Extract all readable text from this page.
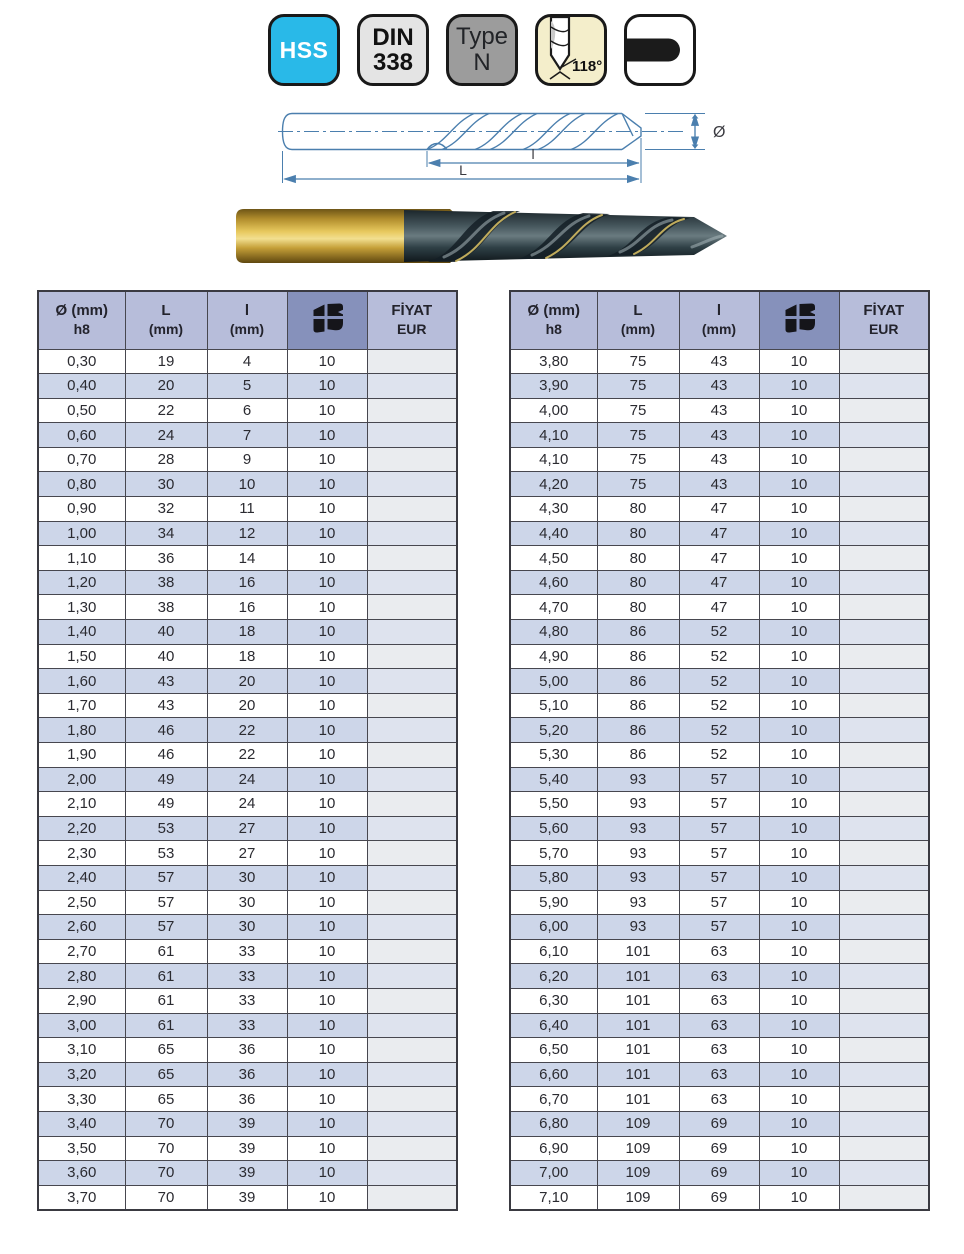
HSS DIN
338
Type
N	118°
Ø
l
L
Ø (mm)
h8

L
(mm)

l
(mm)

FİYAT
EUR

0,30	19	4	10	
0,40	20	5	10	
0,50	22	6	10	
0,60	24	7	10	
0,70	28	9	10	
0,80	30	10	10	
0,90	32	11	10	
1,00	34	12	10	
1,10	36	14	10	
1,20	38	16	10	
1,30	38	16	10	
1,40	40	18	10	
1,50	40	18	10	
1,60	43	20	10	
1,70	43	20	10	
1,80	46	22	10	
1,90	46	22	10	
2,00	49	24	10	
2,10	49	24	10	
2,20	53	27	10	
2,30	53	27	10	
2,40	57	30	10	
2,50	57	30	10	
2,60	57	30	10	
2,70	61	33	10	
2,80	61	33	10	
2,90	61	33	10	
3,00	61	33	10	
3,10	65	36	10	
3,20	65	36	10	
3,30	65	36	10	
3,40	70	39	10	
3,50	70	39	10	
3,60	70	39	10	
3,70	70	39	10	
Ø (mm)
h8

L
(mm)

l
(mm)

FİYAT
EUR

3,80	75	43	10	
3,90	75	43	10	
4,00	75	43	10	
4,10	75	43	10	
4,10	75	43	10	
4,20	75	43	10	
4,30	80	47	10	
4,40	80	47	10	
4,50	80	47	10	
4,60	80	47	10	
4,70	80	47	10	
4,80	86	52	10	
4,90	86	52	10	
5,00	86	52	10	
5,10	86	52	10	
5,20	86	52	10	
5,30	86	52	10	
5,40	93	57	10	
5,50	93	57	10	
5,60	93	57	10	
5,70	93	57	10	
5,80	93	57	10	
5,90	93	57	10	
6,00	93	57	10	
6,10	101	63	10	
6,20	101	63	10	
6,30	101	63	10	
6,40	101	63	10	
6,50	101	63	10	
6,60	101	63	10	
6,70	101	63	10	
6,80	109	69	10	
6,90	109	69	10	
7,00	109	69	10	
7,10	109	69	10	
